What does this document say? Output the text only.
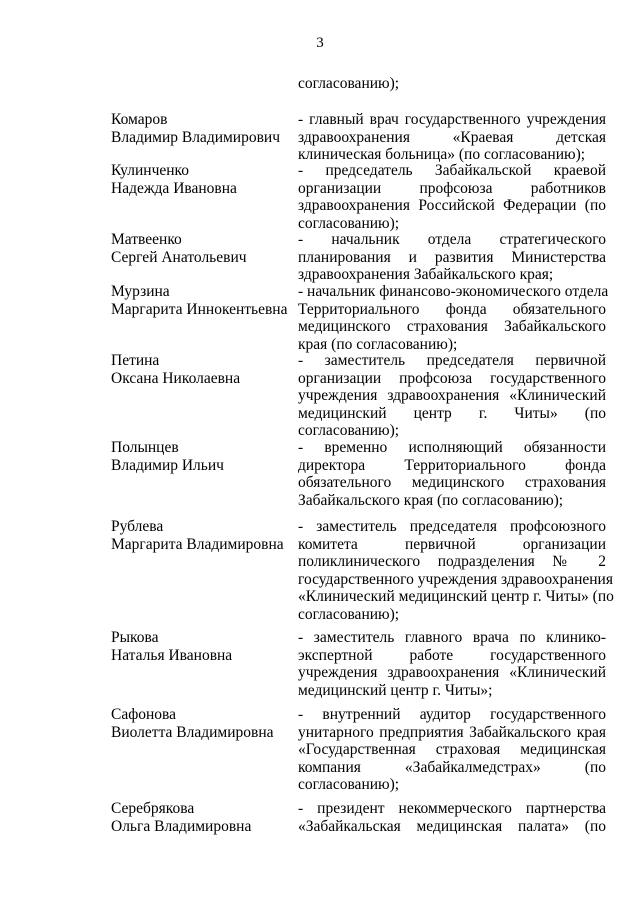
3
согласованию);
Комаров
Владимир Владимирович
- главный врач государственного учреждения
здравоохранения «Краевая детская
клиническая больница» (по согласованию);
Кулинченко
Надежда Ивановна
- председатель Забайкальской краевой
организации профсоюза работников
здравоохранения Российской Федерации (по
согласованию);
Матвеенко
Сергей Анатольевич
- начальник отдела стратегического
планирования и развития Министерства
здравоохранения Забайкальского края;
Мурзина
Маргарита Иннокентьевна
- начальник финансово-экономического отдела
Территориального фонда обязательного
медицинского страхования Забайкальского
края (по согласованию);
Петина
Оксана Николаевна
- заместитель председателя первичной
организации профсоюза государственного
учреждения здравоохранения «Клинический
медицинский центр г. Читы» (по
согласованию);
Полынцев
Владимир Ильич
- временно исполняющий обязанности
директора Территориального фонда
обязательного медицинского страхования
Забайкальского края (по согласованию);
Рублева
Маргарита Владимировна
- заместитель председателя профсоюзного
комитета первичной организации
поликлинического подразделения № 2
государственного учреждения здравоохранения
«Клинический медицинский центр г. Читы» (по
согласованию);
Рыкова
Наталья Ивановна
- заместитель главного врача по клинико-
экспертной работе государственного
учреждения здравоохранения «Клинический
медицинский центр г. Читы»;
Сафонова
Виолетта Владимировна
- внутренний аудитор государственного
унитарного предприятия Забайкальского края
«Государственная страховая медицинская
компания «Забайкалмедстрах» (по
согласованию);
Серебрякова
Ольга Владимировна
- президент некоммерческого партнерства
«Забайкальская медицинская палата» (по
